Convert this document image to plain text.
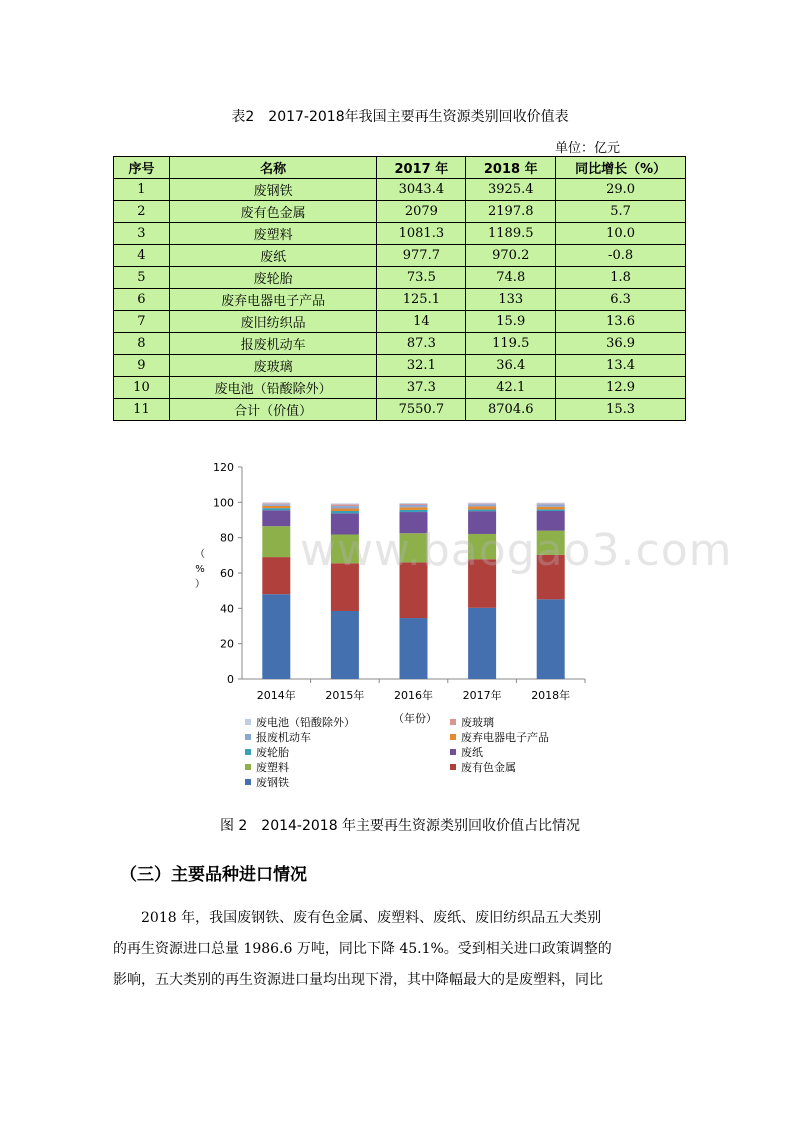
表2　2017-2018年我国主要再生资源类别回收价值表
单位：亿元
序号	名称	2017 年	2018 年	同比增长（%）
1	废钢铁	3043.4	3925.4	29.0
2	废有色金属	2079	2197.8	5.7
3	废塑料	1081.3	1189.5	10.0
4	废纸	977.7	970.2	-0.8
5	废轮胎	73.5	74.8	1.8
6	废弃电器电子产品	125.1	133	6.3
7	废旧纺织品	14	15.9	13.6
8	报废机动车	87.3	119.5	36.9
9	废玻璃	32.1	36.4	13.4
10	废电池（铅酸除外）	37.3	42.1	12.9
11	合计（价值）	7550.7	8704.6	15.3
0
20
40
60
80
100
120
（
%
）
2014年	2015年	2016年	2017年	2018年
（年份）
废电池（铅酸除外）	废玻璃
报废机动车	废弃电器电子产品
废轮胎	废纸
废塑料	废有色金属
废钢铁
www.baogao3.com
图 2　2014-2018 年主要再生资源类别回收价值占比情况
（三）主要品种进口情况

　　2018 年，我国废钢铁、废有色金属、废塑料、废纸、废旧纺织品五大类别

的再生资源进口总量 1986.6 万吨，同比下降 45.1%。受到相关进口政策调整的

影响，五大类别的再生资源进口量均出现下滑，其中降幅最大的是废塑料，同比
